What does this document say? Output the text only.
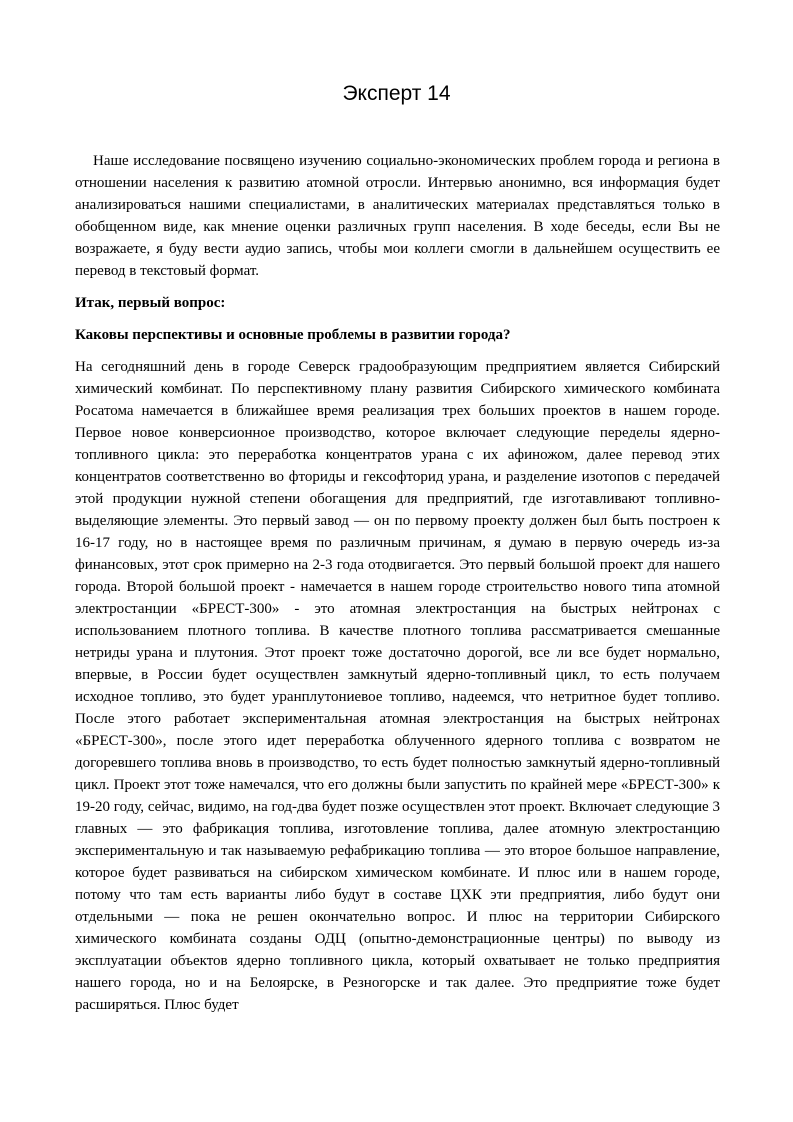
Эксперт 14

Наше исследование посвящено изучению социально-экономических проблем города и региона в отношении населения к развитию атомной отросли. Интервью анонимно, вся информация будет анализироваться нашими специалистами, в аналитических материалах представляться только в обобщенном виде, как мнение оценки различных групп населения. В ходе беседы, если Вы не возражаете, я буду вести аудио запись, чтобы мои коллеги смогли в дальнейшем осуществить ее перевод в текстовый формат.

Итак, первый вопрос:

Каковы перспективы и основные проблемы в развитии города?

На сегодняшний день в городе Северск градообразующим предприятием является Сибирский химический комбинат. По перспективному плану развития Сибирского химического комбината Росатома намечается в ближайшее время реализация трех больших проектов в нашем городе. Первое новое конверсионное производство, которое включает следующие переделы ядерно-топливного цикла: это переработка концентратов урана с их афиножом, далее перевод этих концентратов соответственно во фториды и гексофторид урана, и разделение изотопов с передачей этой продукции нужной степени обогащения для предприятий, где изготавливают топливно-выделяющие элементы. Это первый завод — он по первому проекту должен был быть построен к 16-17 году, но в настоящее время по различным причинам, я думаю в первую очередь из-за финансовых, этот срок примерно на 2-3 года отодвигается. Это первый большой проект для нашего города. Второй большой проект - намечается в нашем городе строительство нового типа атомной электростанции «БРЕСТ-300» - это атомная электростанция на быстрых нейтронах с использованием плотного топлива. В качестве плотного топлива рассматривается смешанные нетриды урана и плутония. Этот проект тоже достаточно дорогой, все ли все будет нормально, впервые, в России будет осуществлен замкнутый ядерно-топливный цикл, то есть получаем исходное топливо, это будет уранплутониевое топливо, надеемся, что нетритное будет топливо. После этого работает экспериментальная атомная электростанция на быстрых нейтронах «БРЕСТ-300», после этого идет переработка облученного ядерного топлива с возвратом не догоревшего топлива вновь в производство, то есть будет полностью замкнутый ядерно-топливный цикл. Проект этот тоже намечался, что его должны были запустить по крайней мере «БРЕСТ-300» к 19-20 году, сейчас, видимо, на год-два будет позже осуществлен этот проект. Включает следующие 3 главных — это фабрикация топлива, изготовление топлива, далее атомную электростанцию экспериментальную и так называемую рефабрикацию топлива — это второе большое направление, которое будет развиваться на сибирском химическом комбинате. И плюс или в нашем городе, потому что там есть варианты либо будут в составе ЦХК эти предприятия, либо будут они отдельными — пока не решен окончательно вопрос. И плюс на территории Сибирского химического комбината созданы ОДЦ (опытно-демонстрационные центры) по выводу из эксплуатации объектов ядерно топливного цикла, который охватывает не только предприятия нашего города, но и на Белоярске, в Резногорске и так далее. Это предприятие тоже будет расширяться. Плюс будет
